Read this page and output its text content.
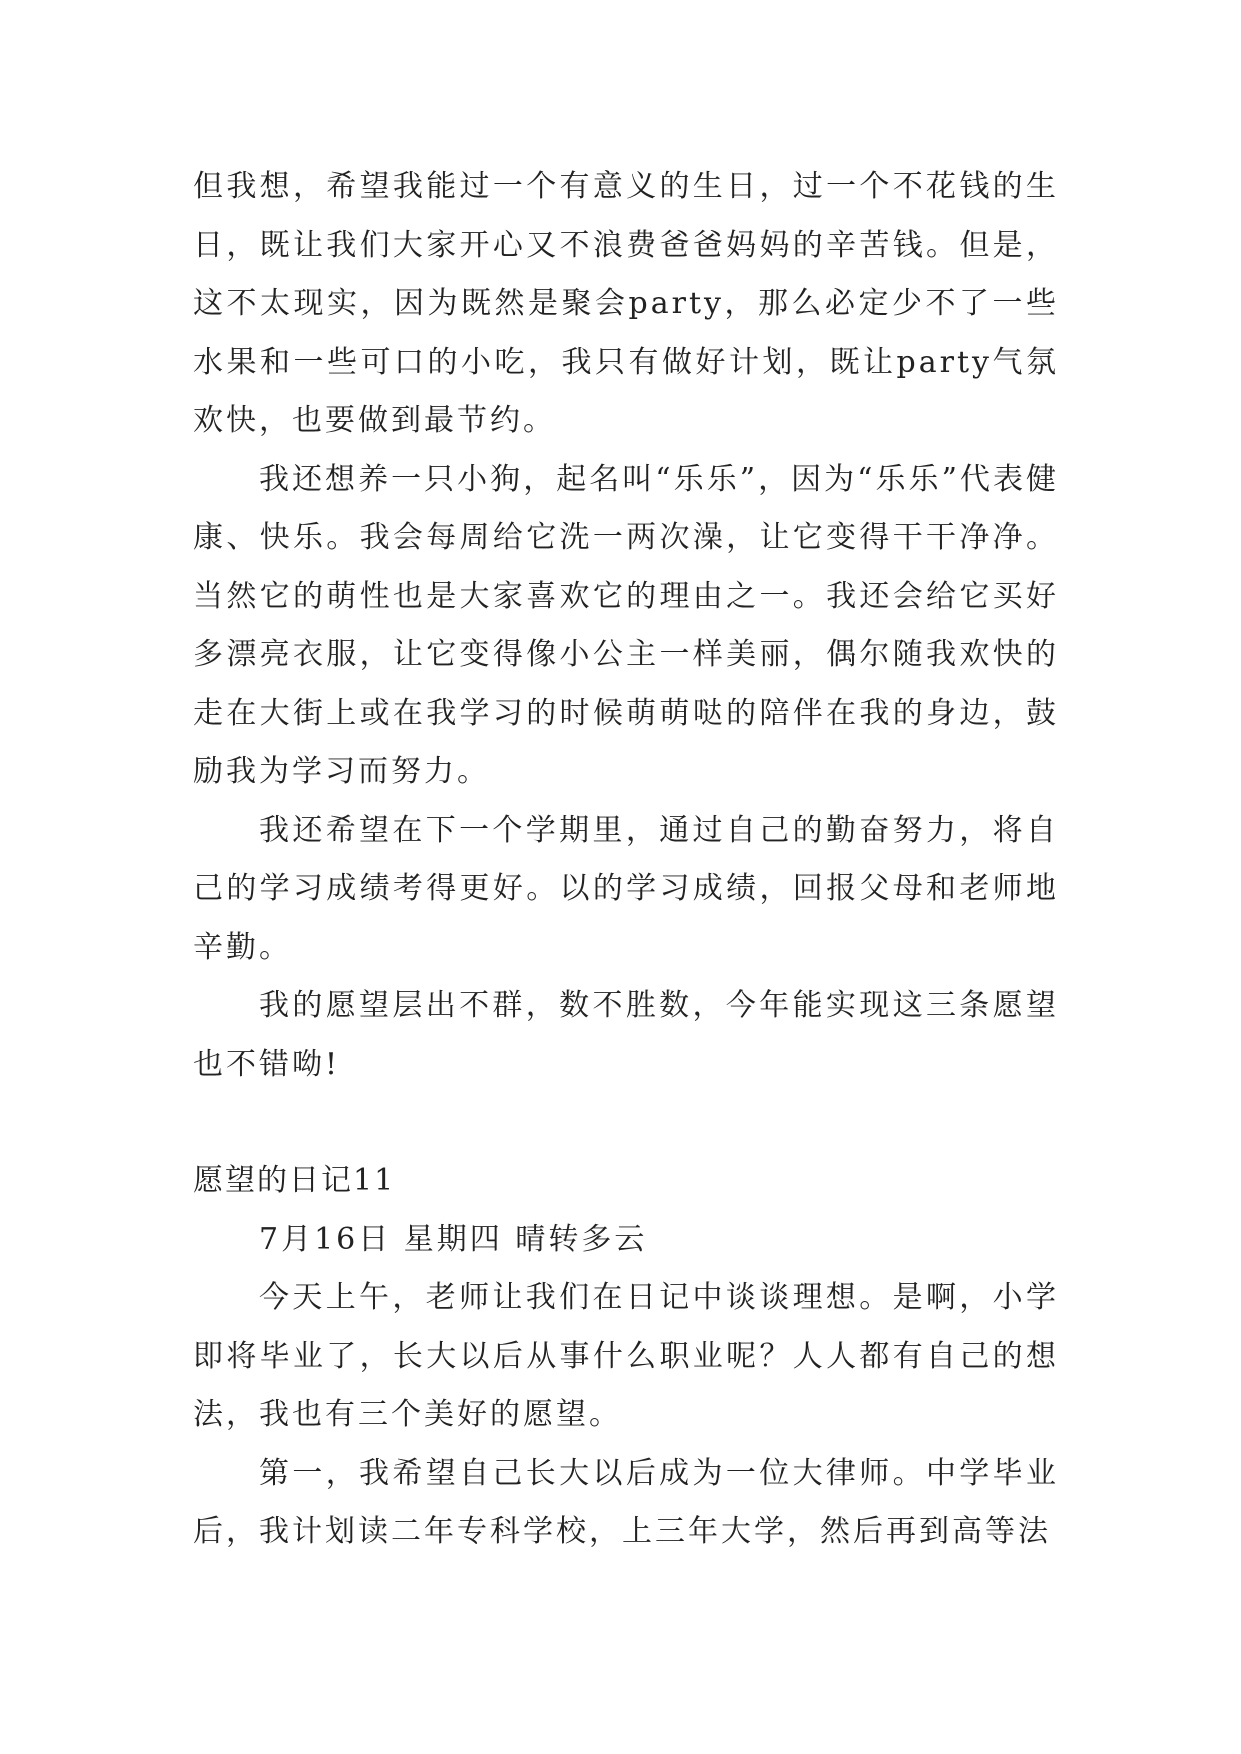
但我想，希望我能过一个有意义的生日，过一个不花钱的生日，既让我们大家开心又不浪费爸爸妈妈的辛苦钱。但是，这不太现实，因为既然是聚会party，那么必定少不了一些水果和一些可口的小吃，我只有做好计划，既让party气氛欢快，也要做到最节约。

我还想养一只小狗，起名叫“乐乐”，因为“乐乐”代表健康、快乐。我会每周给它洗一两次澡，让它变得干干净净。当然它的萌性也是大家喜欢它的理由之一。我还会给它买好多漂亮衣服，让它变得像小公主一样美丽，偶尔随我欢快的走在大街上或在我学习的时候萌萌哒的陪伴在我的身边，鼓励我为学习而努力。

我还希望在下一个学期里，通过自己的勤奋努力，将自己的学习成绩考得更好。以的学习成绩，回报父母和老师地辛勤。

我的愿望层出不群，数不胜数，今年能实现这三条愿望也不错呦!

愿望的日记11

7月16日 星期四 晴转多云

今天上午，老师让我们在日记中谈谈理想。是啊，小学即将毕业了，长大以后从事什么职业呢？人人都有自己的想法，我也有三个美好的愿望。

第一，我希望自己长大以后成为一位大律师。中学毕业后，我计划读二年专科学校，上三年大学，然后再到高等法
